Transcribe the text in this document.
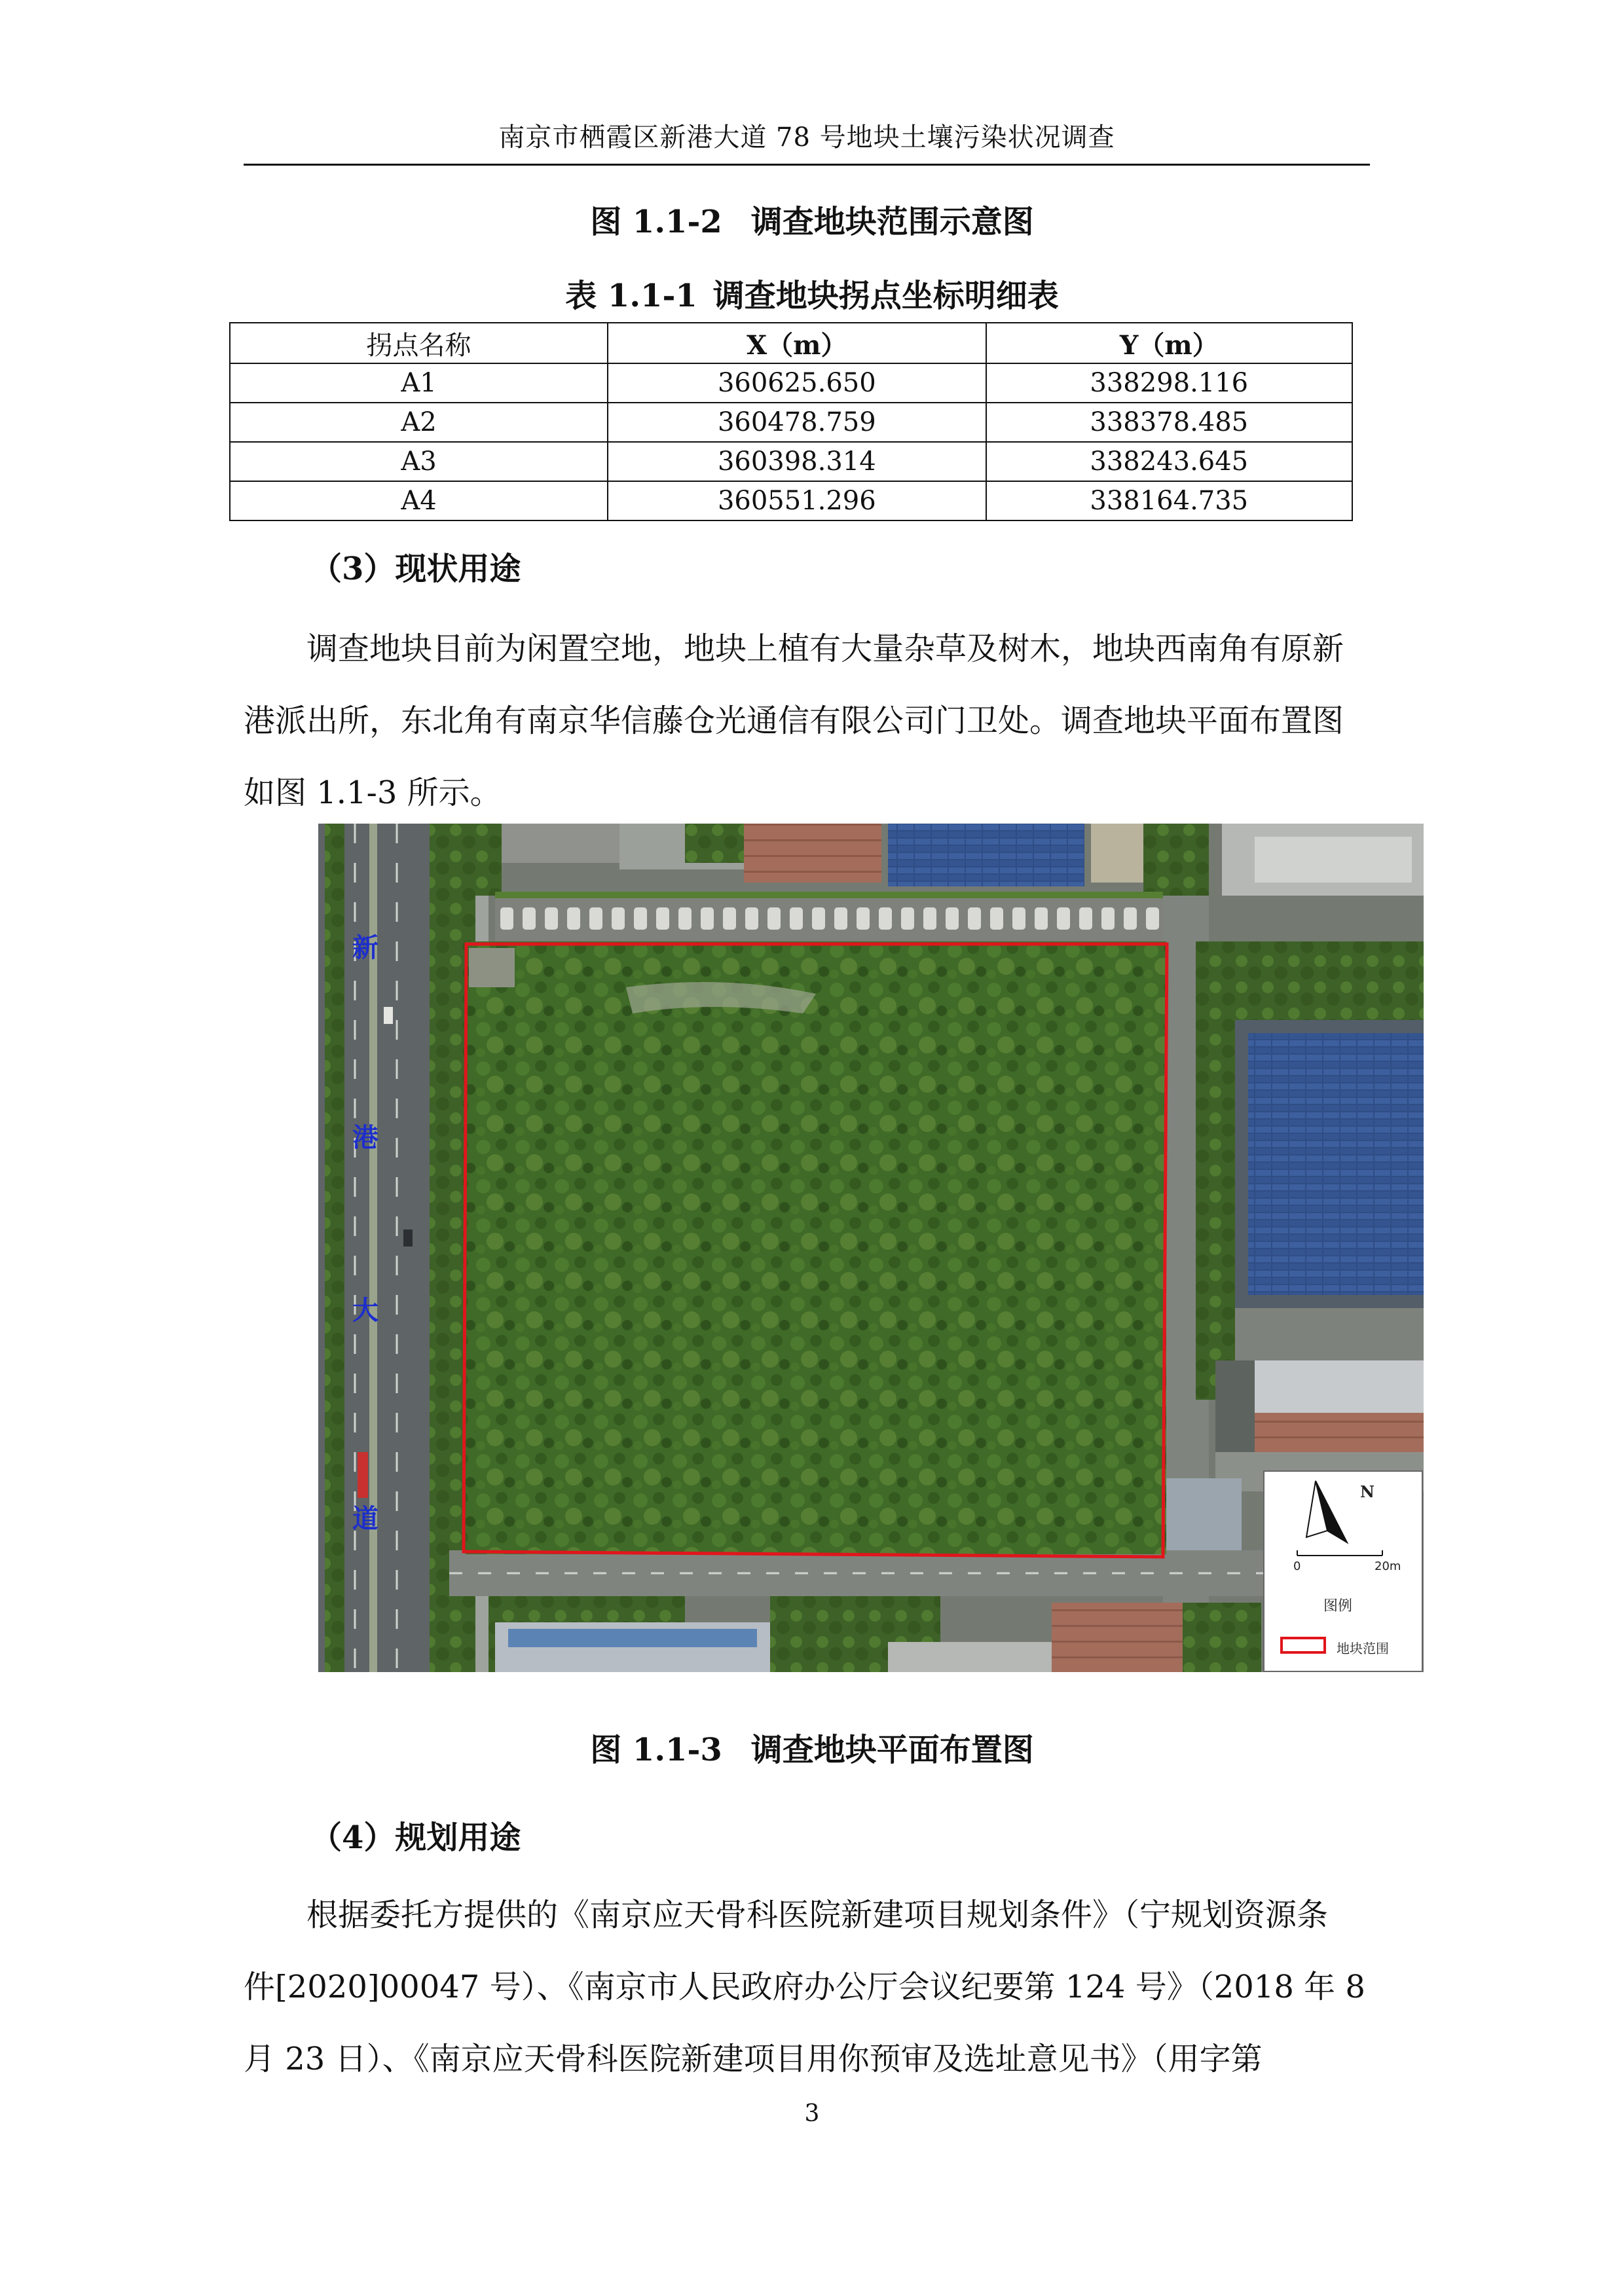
南京市栖霞区新港大道 78 号地块土壤污染状况调查
图 1.1-2 调查地块范围示意图
表 1.1-1 调查地块拐点坐标明细表
拐点名称	X（m）	Y（m）
A1	360625.650	338298.116
A2	360478.759	338378.485
A3	360398.314	338243.645
A4	360551.296	338164.735
（3）现状用途

调查地块目前为闲置空地，地块上植有大量杂草及树木，地块西南角有原新

港派出所，东北角有南京华信藤仓光通信有限公司门卫处。调查地块平面布置图

如图 1.1-3 所示。

新
港
大
道
N
0	20m
图例
地块范围
图 1.1-3 调查地块平面布置图
（4）规划用途

根据委托方提供的《南京应天骨科医院新建项目规划条件》（宁规划资源条

件[2020]00047 号）、《南京市人民政府办公厅会议纪要第 124 号》（2018 年 8

月 23 日）、《南京应天骨科医院新建项目用你预审及选址意见书》（用字第

3
